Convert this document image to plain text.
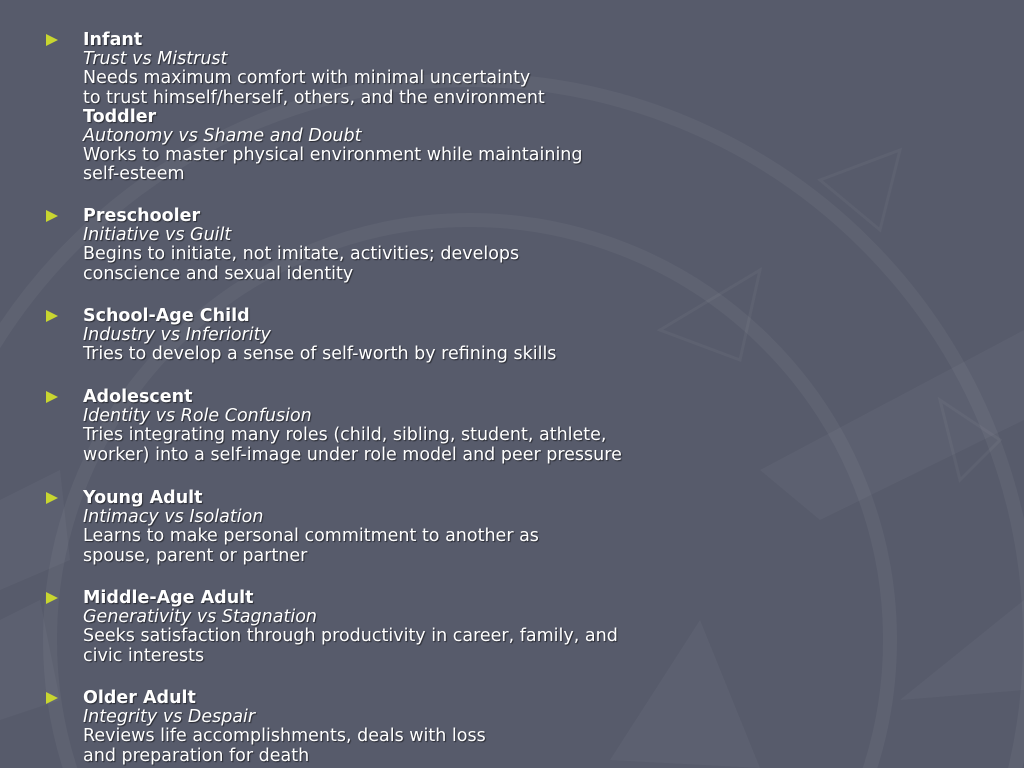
Infant
Trust vs Mistrust
Needs maximum comfort with minimal uncertainty
to trust himself/herself, others, and the environment
Toddler
Autonomy vs Shame and Doubt
Works to master physical environment while maintaining
self-esteem
Preschooler
Initiative vs Guilt
Begins to initiate, not imitate, activities; develops
conscience and sexual identity
School-Age Child
Industry vs Inferiority
Tries to develop a sense of self-worth by refining skills
Adolescent
Identity vs Role Confusion
Tries integrating many roles (child, sibling, student, athlete,
worker) into a self-image under role model and peer pressure
Young Adult
Intimacy vs Isolation
Learns to make personal commitment to another as
spouse, parent or partner
Middle-Age Adult
Generativity vs Stagnation
Seeks satisfaction through productivity in career, family, and
civic interests
Older Adult
Integrity vs Despair
Reviews life accomplishments, deals with loss
and preparation for death
